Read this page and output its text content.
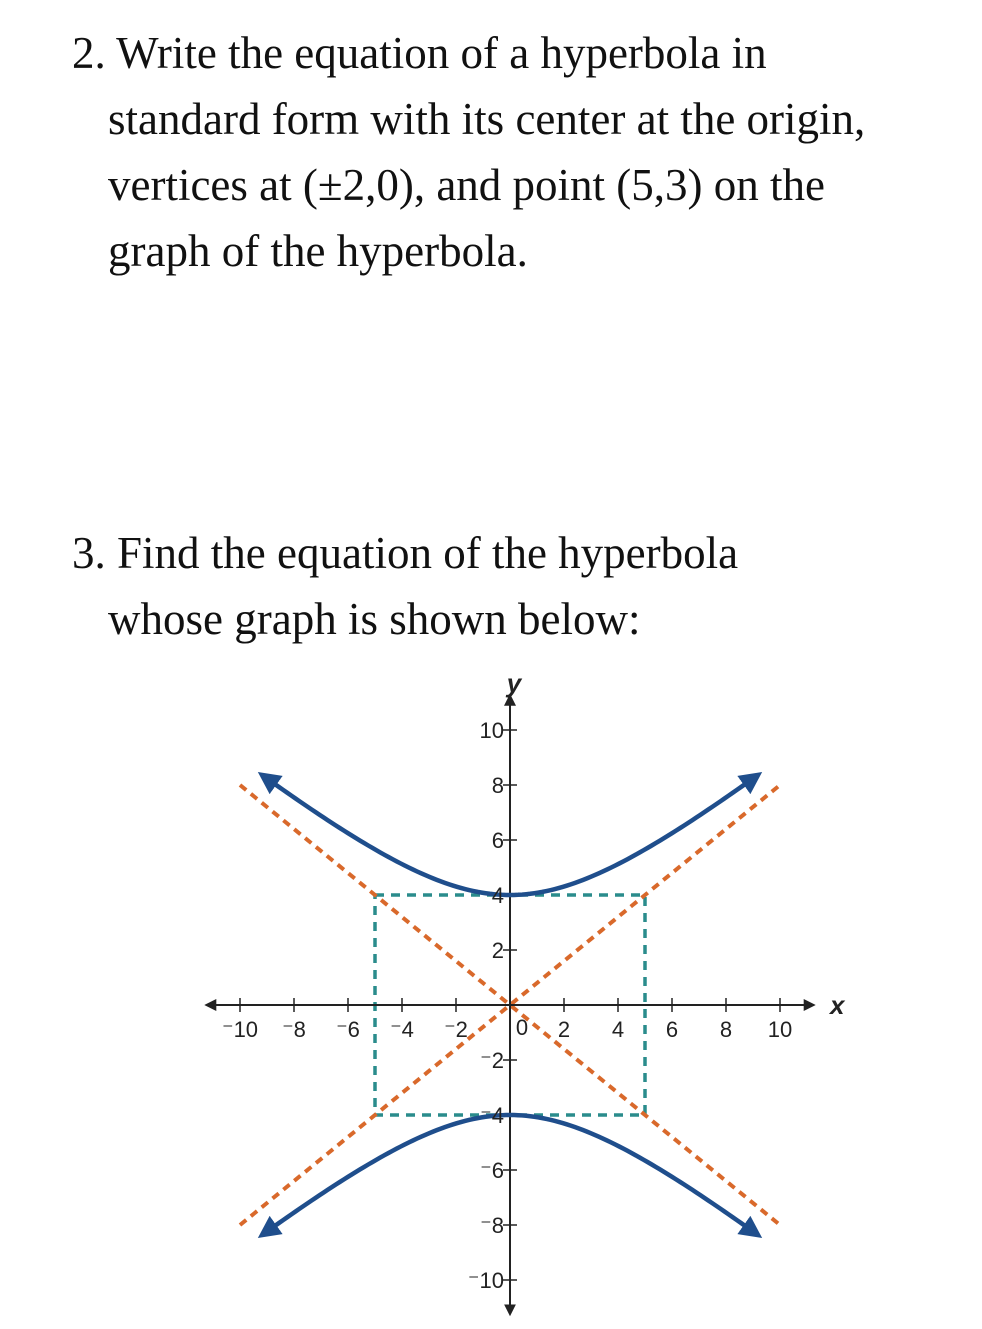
2. Write the equation of a hyperbola in
standard form with its center at the origin,
vertices at (±2,0), and point (5,3) on the
graph of the hyperbola.
3. Find the equation of the hyperbola
whose graph is shown below:
⁻10 ⁻8 ⁻6 ⁻4 ⁻2	2 4 6 8 10
⁻10
⁻8
⁻6
⁻4
⁻2
2
4
6
8
10
0
x
y
